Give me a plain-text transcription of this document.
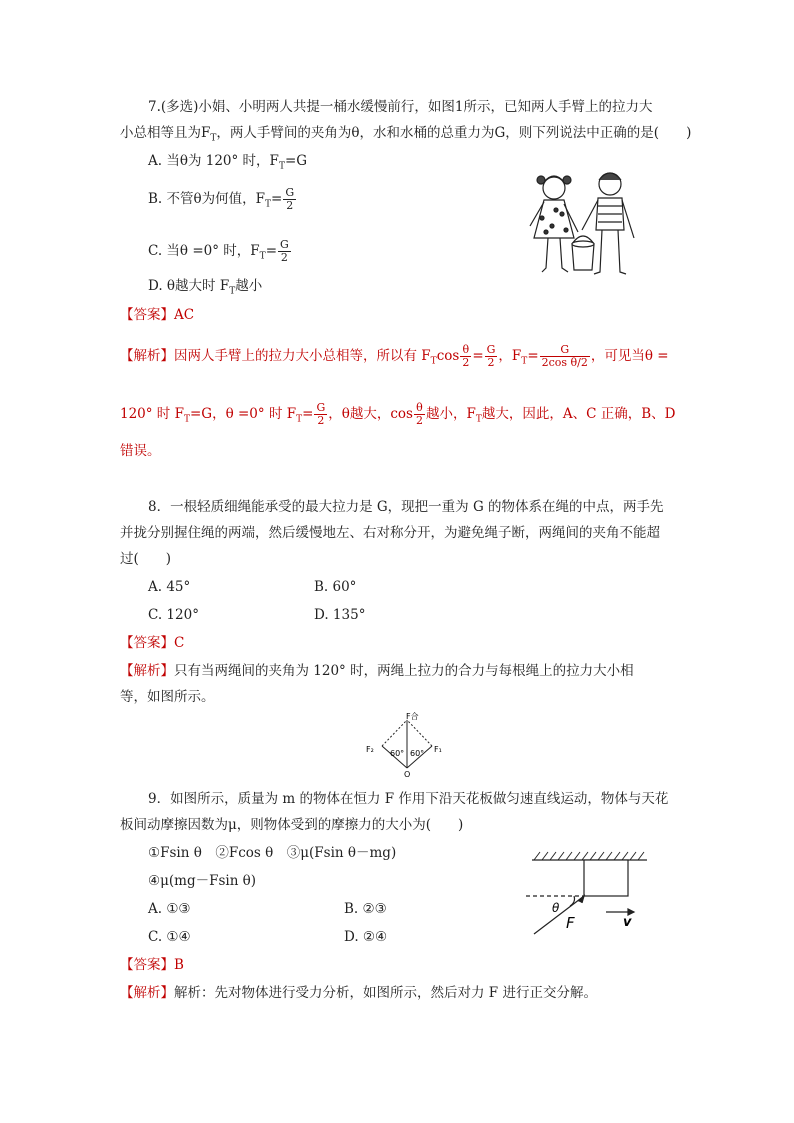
7.(多选)小娟、小明两人共提一桶水缓慢前行，如图1所示，已知两人手臂上的拉力大
小总相等且为$F_T$，两人手臂间的夹角为θ，水和水桶的总重力为G，则下列说法中正确的是(　　)
A. 当θ为 120° 时，$F_T=G$
B. 不管θ为何值，$F_T= \frac{G}{2}$
C. 当θ =0° 时，$F_T= \frac{G}{2}$
D. θ越大时 $F_T$越小
【答案】AC
【解析】因两人手臂上的拉力大小总相等，所以有 $F_T\cos \frac{\theta}{2} = \frac{G}{2}$ ，$F_T= \frac{G}{\text{2cos θ/2}}$ ，可见当θ =
120° 时 $F_T=G$，θ =0° 时 $F_T= \frac{G}{2}$ ，θ越大，$\cos \frac{\theta}{2}$ 越小，$F_T$越大，因此，A、C 正确，B、D
错误。
8．一根轻质细绳能承受的最大拉力是 G，现把一重为 G 的物体系在绳的中点，两手先
并拢分别握住绳的两端，然后缓慢地左、右对称分开，为避免绳子断，两绳间的夹角不能超
过(　　)
A. 45°	B. 60°
C. 120°	D. 135°
【答案】C
【解析】只有当两绳间的夹角为 120° 时，两绳上拉力的合力与每根绳上的拉力大小相
等，如图所示。
F合
F₂	F₁
O
60° 60°
9．如图所示，质量为 m 的物体在恒力 F 作用下沿天花板做匀速直线运动，物体与天花
板间动摩擦因数为μ，则物体受到的摩擦力的大小为(　　)
①Fsin θ　②Fcos θ　③μ(Fsin θ－mg)
④μ(mg－Fsin θ)
A. ①③	B. ②③
C. ①④	D. ②④
【答案】B
【解析】解析：先对物体进行受力分析，如图所示，然后对力 F 进行正交分解。
θ
F	v
